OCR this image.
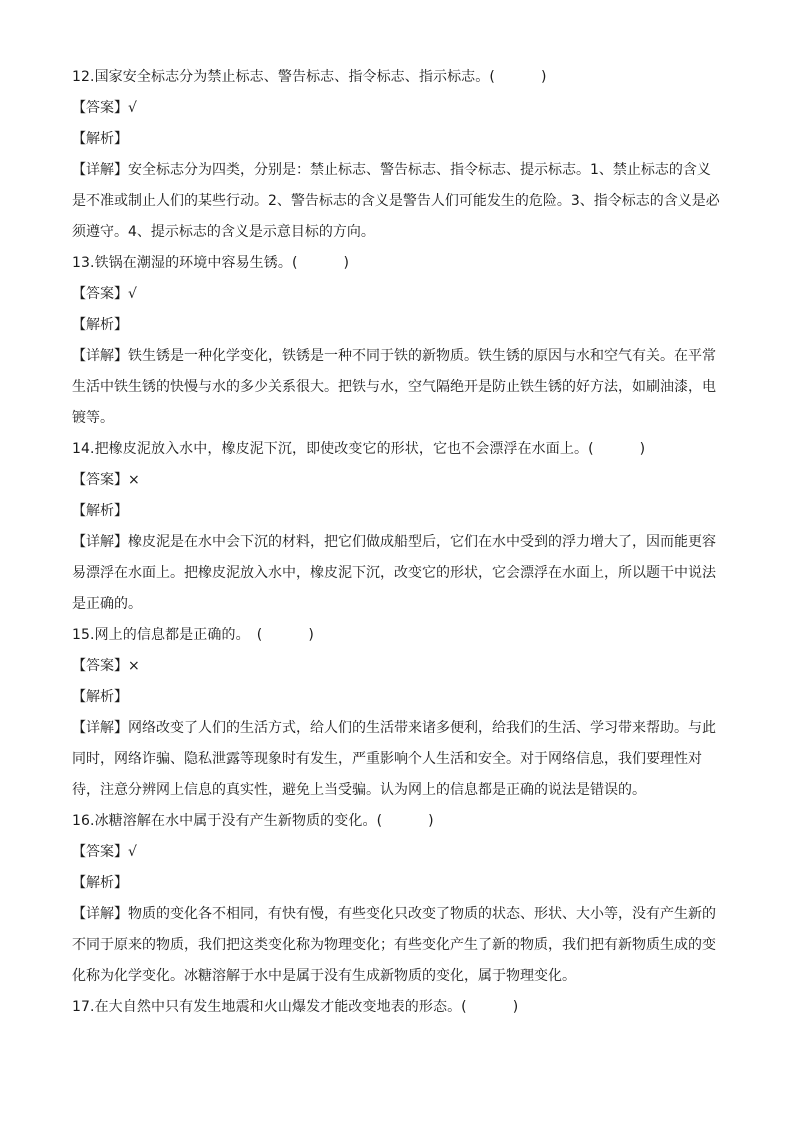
12.国家安全标志分为禁止标志、警告标志、指令标志、指示标志。(	)
【答案】√
【解析】
【详解】安全标志分为四类，分别是：禁止标志、警告标志、指令标志、提示标志。1、禁止标志的含义
是不准或制止人们的某些行动。2、警告标志的含义是警告人们可能发生的危险。3、指令标志的含义是必
须遵守。4、提示标志的含义是示意目标的方向。
13.铁锅在潮湿的环境中容易生锈。(	)
【答案】√
【解析】
【详解】铁生锈是一种化学变化，铁锈是一种不同于铁的新物质。铁生锈的原因与水和空气有关。在平常
生活中铁生锈的快慢与水的多少关系很大。把铁与水，空气隔绝开是防止铁生锈的好方法，如刷油漆，电
镀等。
14.把橡皮泥放入水中，橡皮泥下沉，即使改变它的形状，它也不会漂浮在水面上。(	)
【答案】×
【解析】
【详解】橡皮泥是在水中会下沉的材料，把它们做成船型后，它们在水中受到的浮力增大了，因而能更容
易漂浮在水面上。把橡皮泥放入水中，橡皮泥下沉，改变它的形状，它会漂浮在水面上，所以题干中说法
是正确的。
15.网上的信息都是正确的。　(	)
【答案】×
【解析】
【详解】网络改变了人们的生活方式，给人们的生活带来诸多便利，给我们的生活、学习带来帮助。与此
同时，网络诈骗、隐私泄露等现象时有发生，严重影响个人生活和安全。对于网络信息，我们要理性对
待，注意分辨网上信息的真实性，避免上当受骗。认为网上的信息都是正确的说法是错误的。
16.冰糖溶解在水中属于没有产生新物质的变化。(	)
【答案】√
【解析】
【详解】物质的变化各不相同，有快有慢，有些变化只改变了物质的状态、形状、大小等，没有产生新的
不同于原来的物质，我们把这类变化称为物理变化；有些变化产生了新的物质，我们把有新物质生成的变
化称为化学变化。冰糖溶解于水中是属于没有生成新物质的变化，属于物理变化。
17.在大自然中只有发生地震和火山爆发才能改变地表的形态。(	)
